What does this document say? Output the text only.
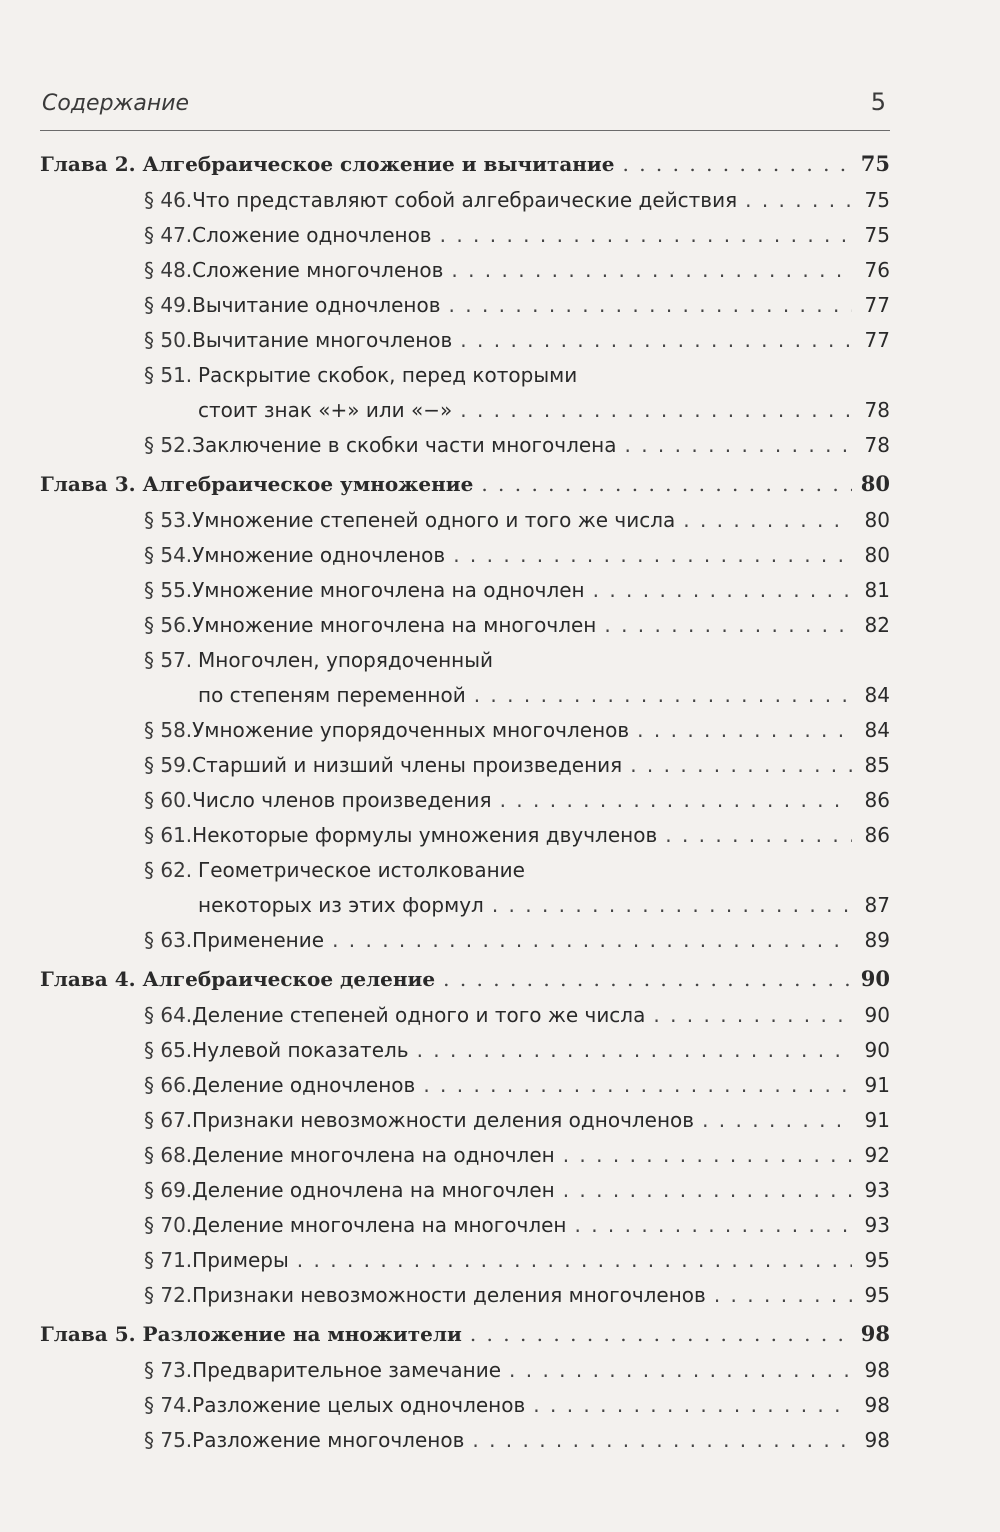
Содержание	5
Глава 2. Алгебраическое сложение и вычитание . . .	75
§ 46. Что представляют собой алгебраические действия . . .	75
§ 47. Сложение одночленов . . .	75
§ 48. Сложение многочленов . . .	76
§ 49. Вычитание одночленов . . .	77
§ 50. Вычитание многочленов . . .	77
§ 51. Раскрытие скобок, перед которыми
стоит знак «+» или «−» . . .	78
§ 52. Заключение в скобки части многочлена . . .	78
Глава 3. Алгебраическое умножение . . .	80
§ 53. Умножение степеней одного и того же числа . . .	80
§ 54. Умножение одночленов . . .	80
§ 55. Умножение многочлена на одночлен . . .	81
§ 56. Умножение многочлена на многочлен . . .	82
§ 57. Многочлен, упорядоченный
по степеням переменной . . .	84
§ 58. Умножение упорядоченных многочленов . . .	84
§ 59. Старший и низший члены произведения . . .	85
§ 60. Число членов произведения . . .	86
§ 61. Некоторые формулы умножения двучленов . . .	86
§ 62. Геометрическое истолкование
некоторых из этих формул . . .	87
§ 63. Применение . . .	89
Глава 4. Алгебраическое деление . . .	90
§ 64. Деление степеней одного и того же числа . . .	90
§ 65. Нулевой показатель . . .	90
§ 66. Деление одночленов . . .	91
§ 67. Признаки невозможности деления одночленов . . .	91
§ 68. Деление многочлена на одночлен . . .	92
§ 69. Деление одночлена на многочлен . . .	93
§ 70. Деление многочлена на многочлен . . .	93
§ 71. Примеры . . .	95
§ 72. Признаки невозможности деления многочленов . . .	95
Глава 5. Разложение на множители . . .	98
§ 73. Предварительное замечание . . .	98
§ 74. Разложение целых одночленов . . .	98
§ 75. Разложение многочленов . . .	98
